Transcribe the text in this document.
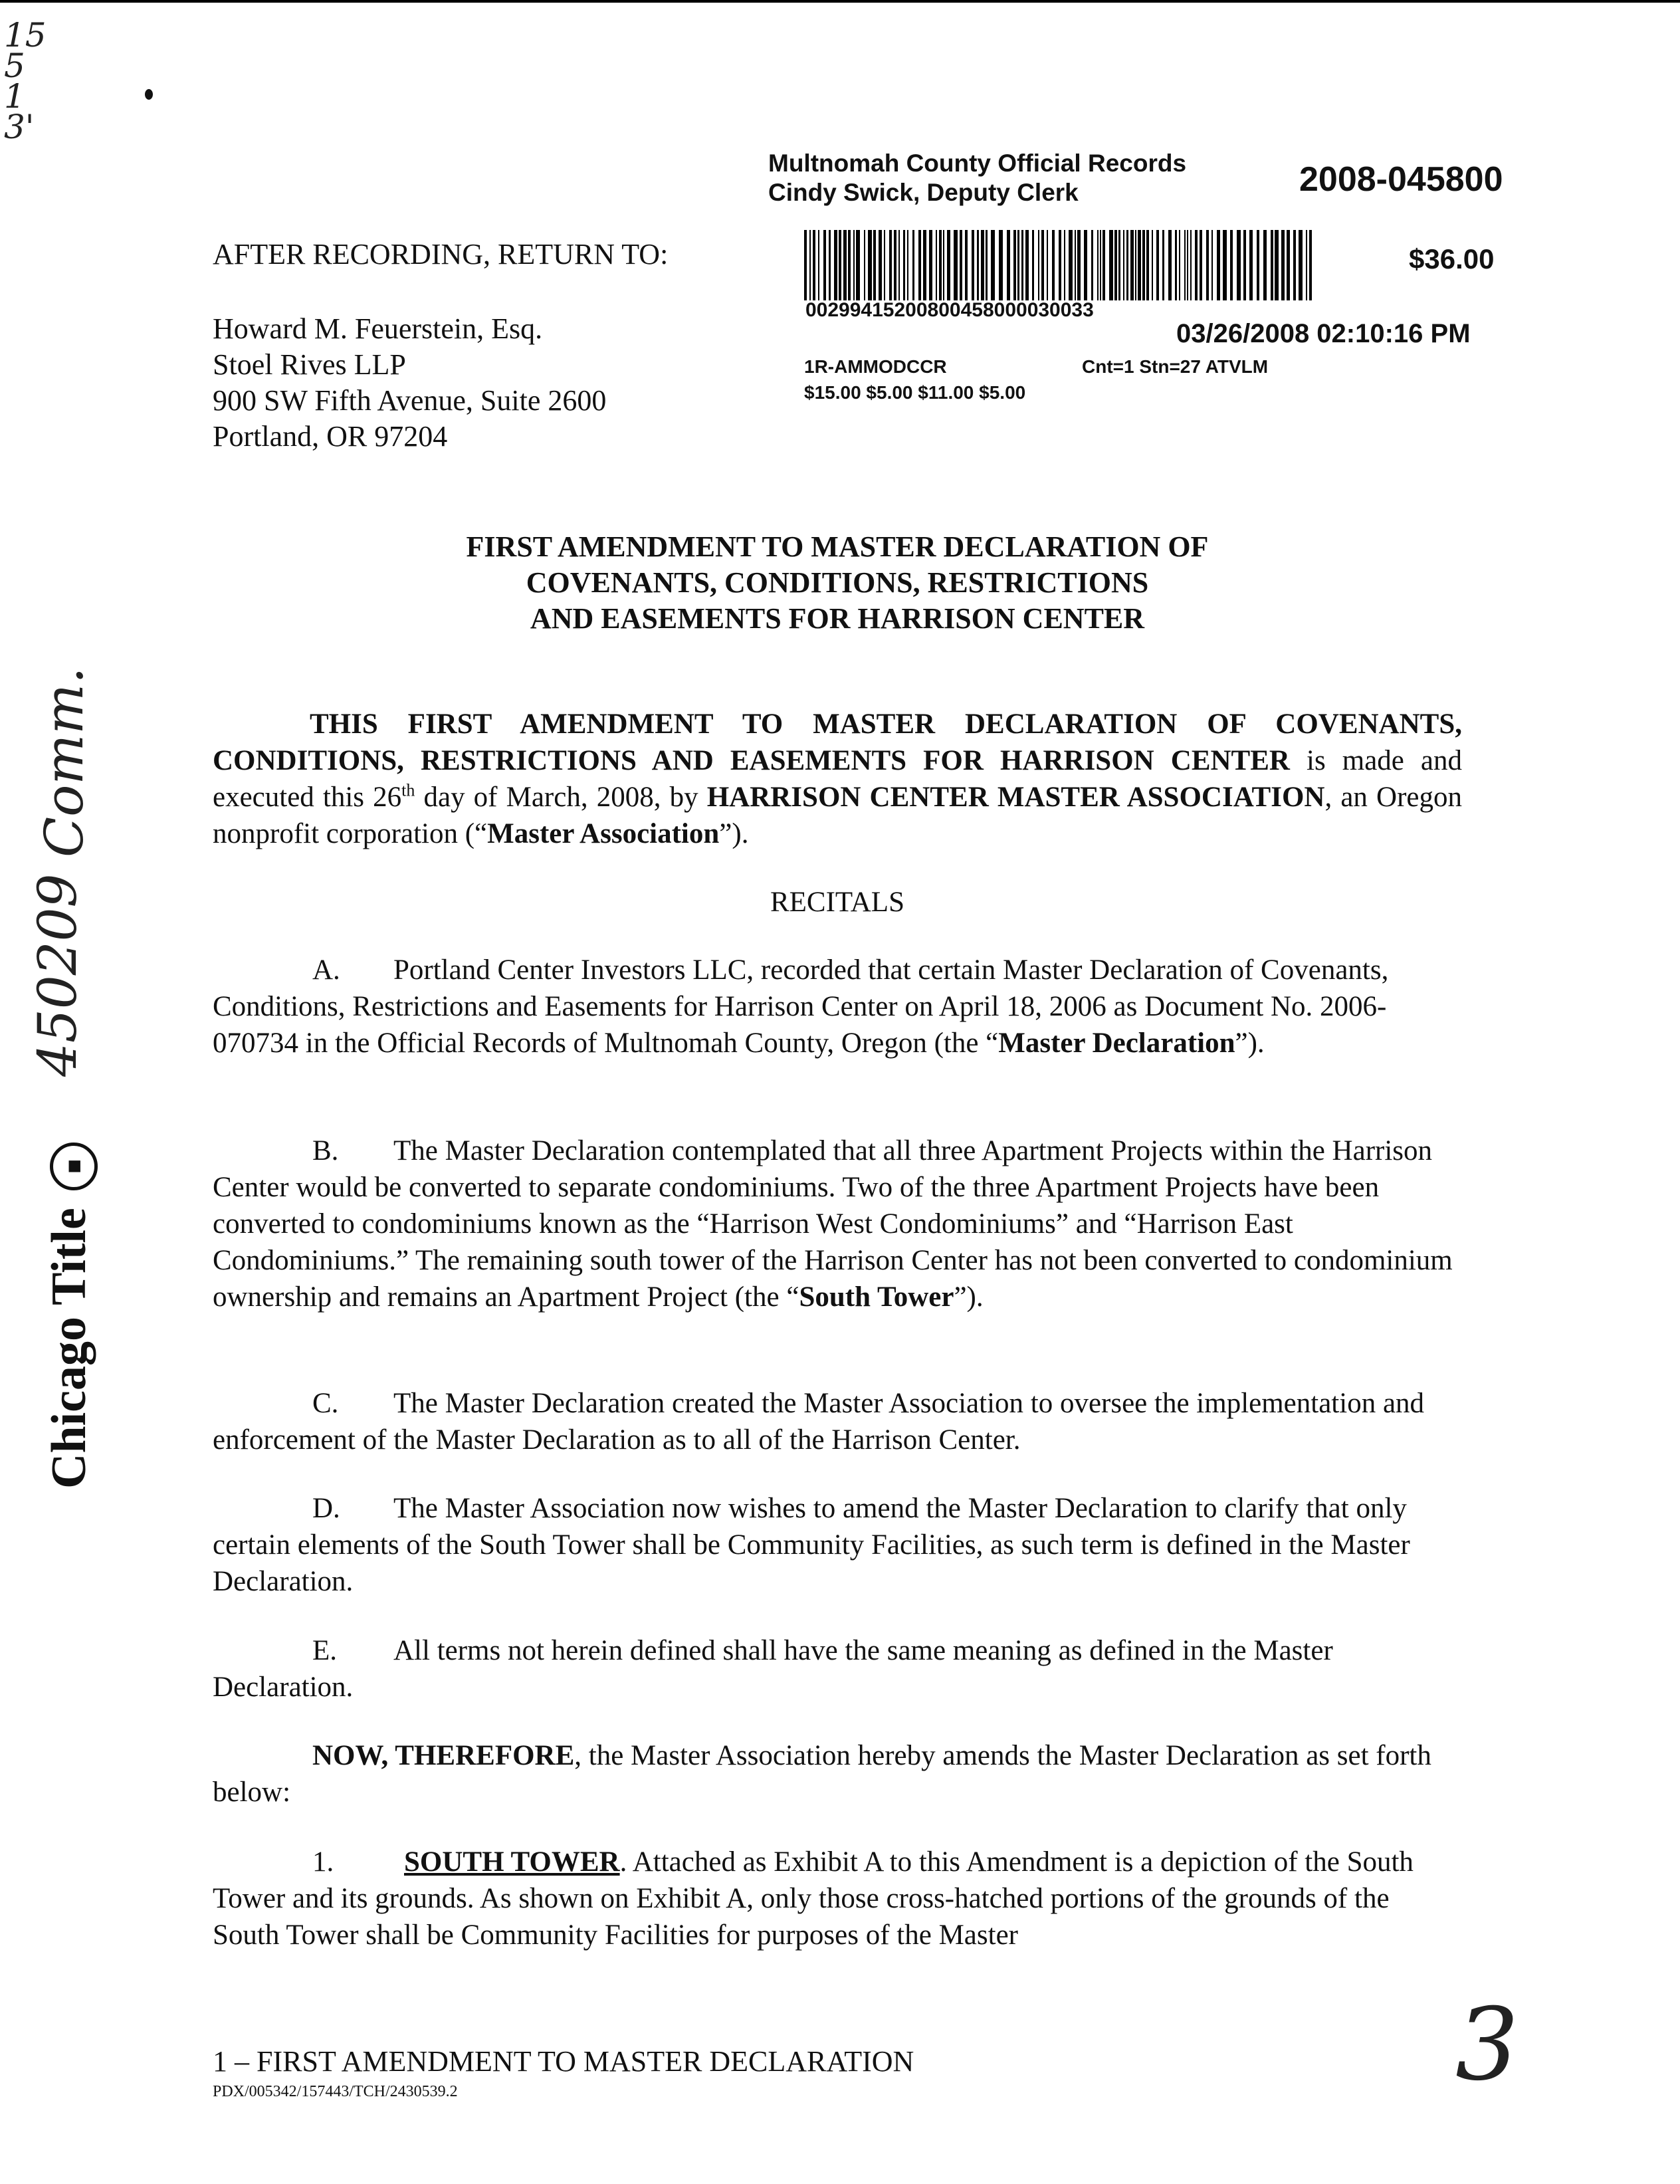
15
5
1
3'
Comm.
450209
Chicago Title ■
Multnomah County Official Records
Cindy Swick, Deputy Clerk	2008-045800
$36.00
00299415200800458000030033
03/26/2008 02:10:16 PM
1R-AMMODCCR	Cnt=1 Stn=27 ATVLM
$15.00 $5.00 $11.00 $5.00
AFTER RECORDING, RETURN TO:
Howard M. Feuerstein, Esq.
Stoel Rives LLP
900 SW Fifth Avenue, Suite 2600
Portland, OR 97204
FIRST AMENDMENT TO MASTER DECLARATION OF
COVENANTS, CONDITIONS, RESTRICTIONS
AND EASEMENTS FOR HARRISON CENTER
THIS FIRST AMENDMENT TO MASTER DECLARATION OF COVENANTS, CONDITIONS, RESTRICTIONS AND EASEMENTS FOR HARRISON CENTER is made and executed this 26th day of March, 2008, by HARRISON CENTER MASTER ASSOCIATION, an Oregon nonprofit corporation (“Master Association”).
RECITALS
A. Portland Center Investors LLC, recorded that certain Master Declaration of Covenants, Conditions, Restrictions and Easements for Harrison Center on April 18, 2006 as Document No. 2006-070734 in the Official Records of Multnomah County, Oregon (the “Master Declaration”).
B. The Master Declaration contemplated that all three Apartment Projects within the Harrison Center would be converted to separate condominiums. Two of the three Apartment Projects have been converted to condominiums known as the “Harrison West Condominiums” and “Harrison East Condominiums.” The remaining south tower of the Harrison Center has not been converted to condominium ownership and remains an Apartment Project (the “South Tower”).
C. The Master Declaration created the Master Association to oversee the implementation and enforcement of the Master Declaration as to all of the Harrison Center.
D. The Master Association now wishes to amend the Master Declaration to clarify that only certain elements of the South Tower shall be Community Facilities, as such term is defined in the Master Declaration.
E. All terms not herein defined shall have the same meaning as defined in the Master Declaration.
NOW, THEREFORE, the Master Association hereby amends the Master Declaration as set forth below:
1. SOUTH TOWER. Attached as Exhibit A to this Amendment is a depiction of the South Tower and its grounds. As shown on Exhibit A, only those cross-hatched portions of the grounds of the South Tower shall be Community Facilities for purposes of the Master
1 – FIRST AMENDMENT TO MASTER DECLARATION
PDX/005342/157443/TCH/2430539.2	3
